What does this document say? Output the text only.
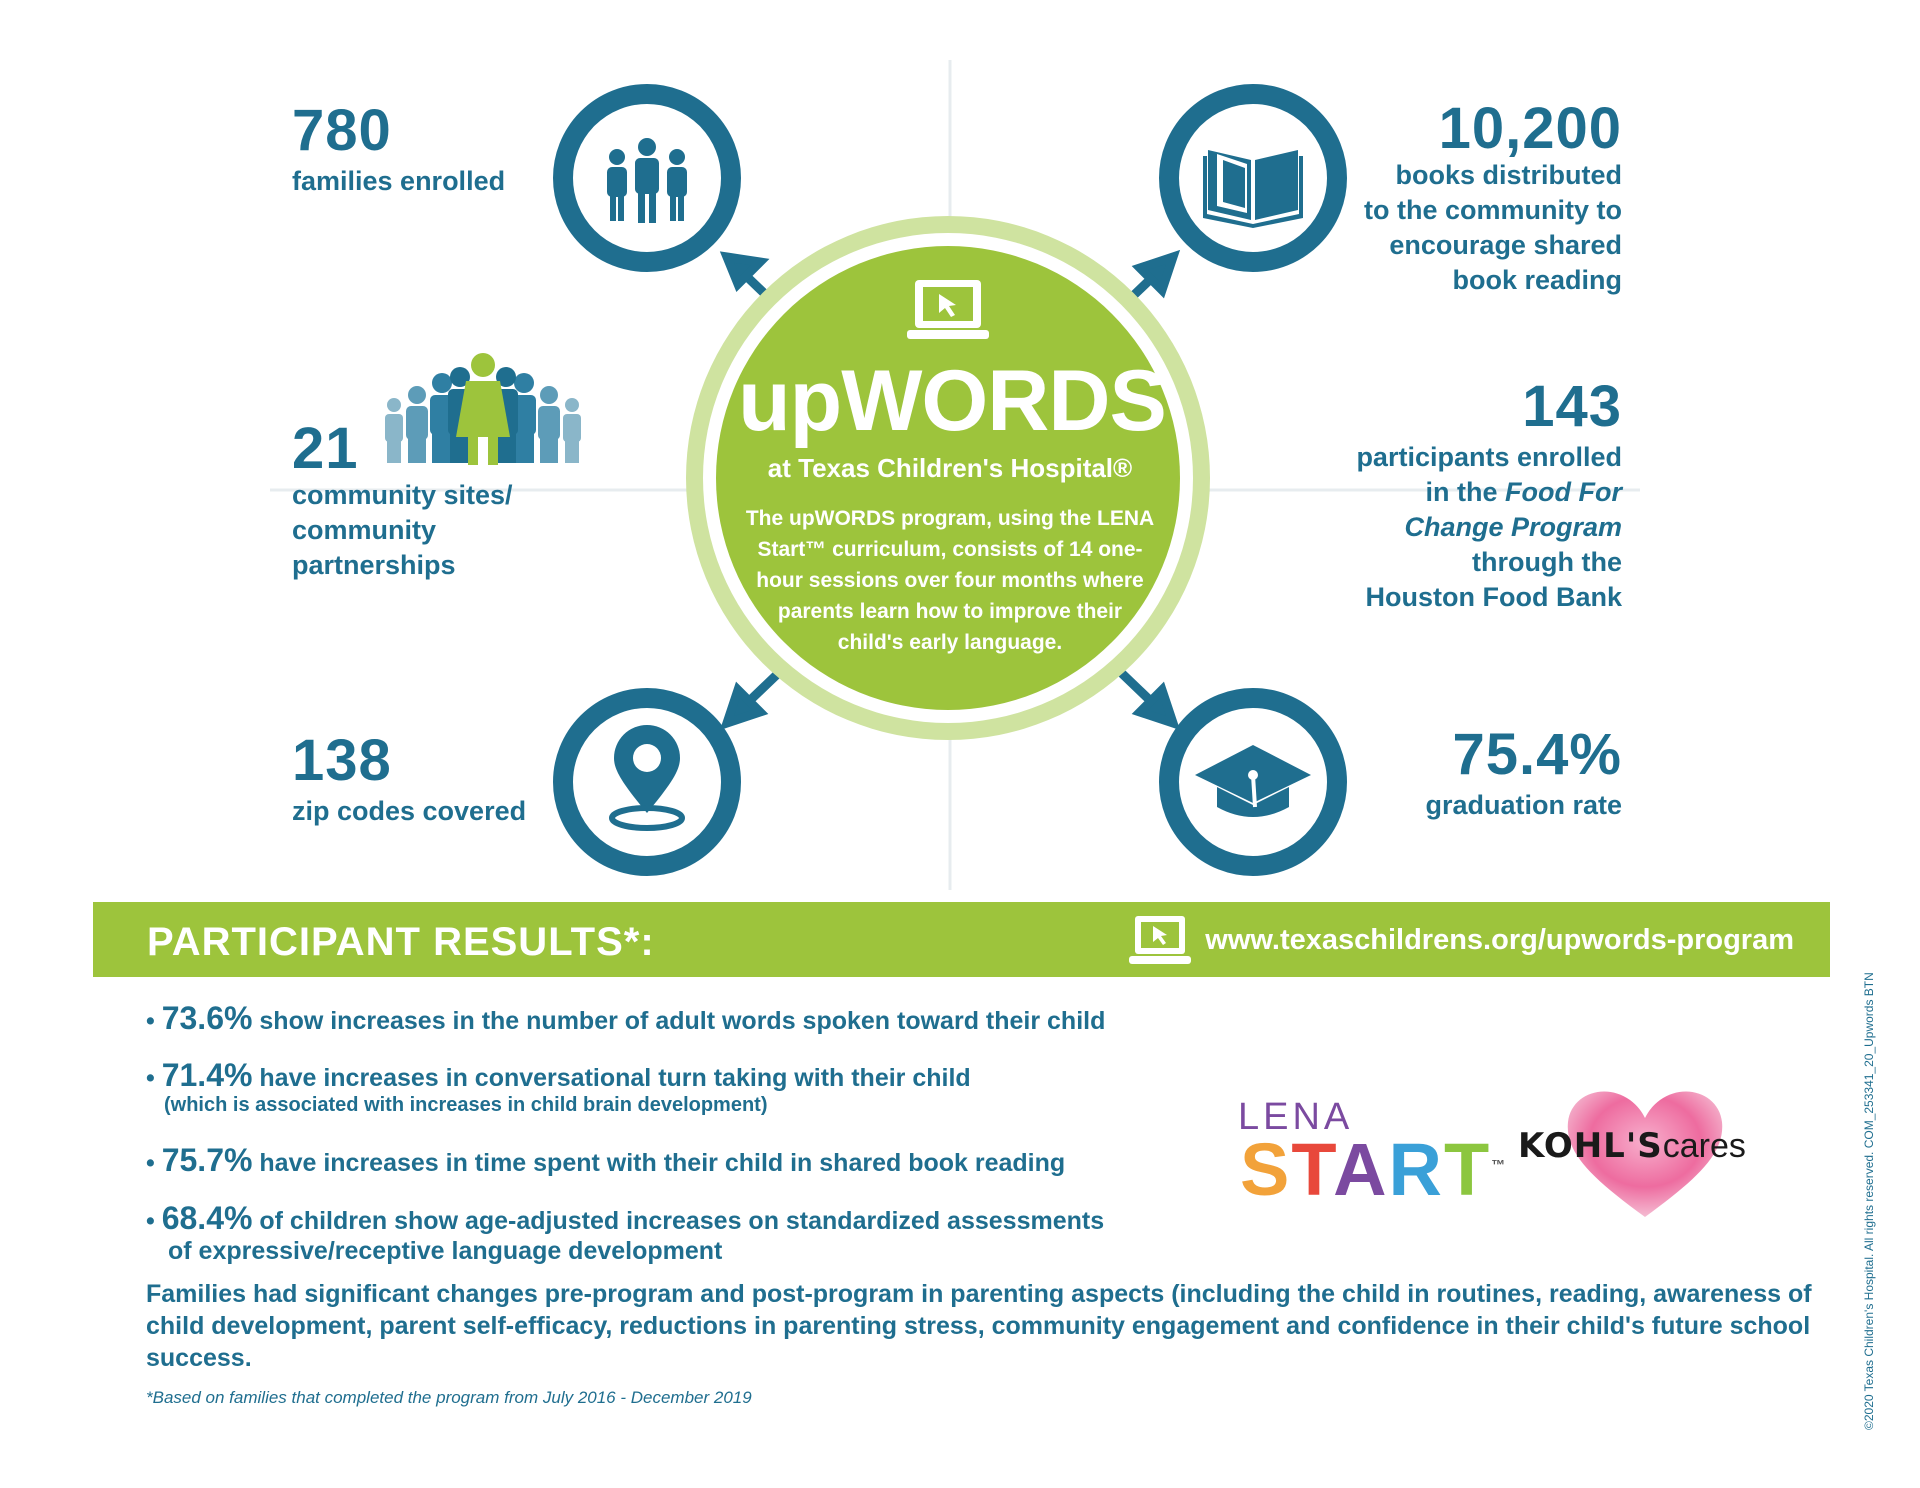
upWORDS
at Texas Children's Hospital®
The upWORDS program, using the LENA Start™ curriculum, consists of 14 one-hour sessions over four months where parents learn how to improve their child's early language.
780
families enrolled
10,200
books distributed
to the community to
encourage shared
book reading
21
community sites/
community
partnerships
143
participants enrolled
in the Food For
Change Program
through the
Houston Food Bank
138
zip codes covered
75.4%
graduation rate
PARTICIPANT RESULTS*:	www.texaschildrens.org/upwords-program
• 73.6% show increases in the number of adult words spoken toward their child
• 71.4% have increases in conversational turn taking with their child
(which is associated with increases in child brain development)
• 75.7% have increases in time spent with their child in shared book reading
• 68.4% of children show age-adjusted increases on standardized assessments
of expressive/receptive language development
Families had significant changes pre-program and post-program in parenting aspects (including the child in routines, reading, awareness of child development, parent self-efficacy, reductions in parenting stress, community engagement and confidence in their child's future school success.
*Based on families that completed the program from July 2016 - December 2019
LENA
START™ KOHL'Scares	©2020 Texas Children's Hospital. All rights reserved. COM_253341_20_Upwords BTN
